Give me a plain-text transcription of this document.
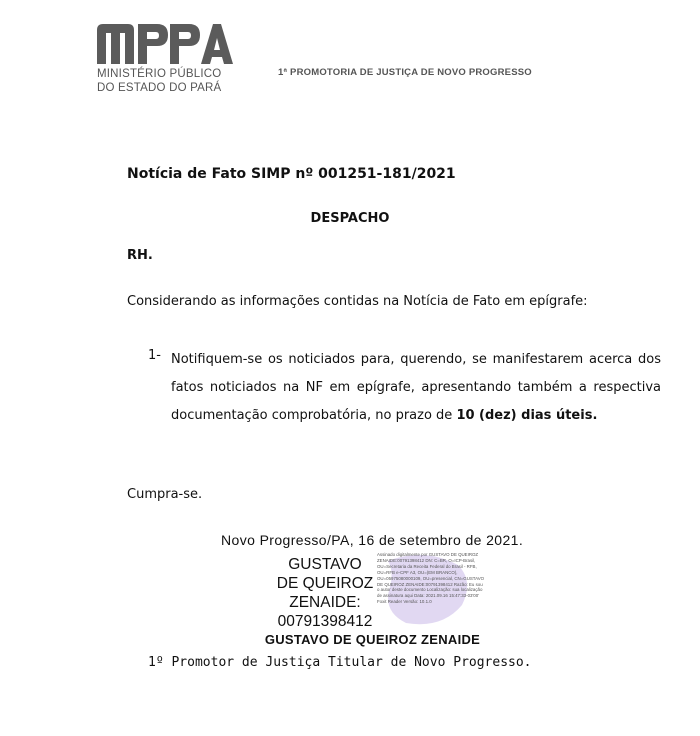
MINISTÉRIO PÚBLICO
DO ESTADO DO PARÁ
1ª PROMOTORIA DE JUSTIÇA DE NOVO PROGRESSO
Notícia de Fato SIMP nº 001251-181/2021
DESPACHO
RH.
Considerando as informações contidas na Notícia de Fato em epígrafe:
1- Notifiquem-se os noticiados para, querendo, se manifestarem acerca dos fatos noticiados na NF em epígrafe, apresentando também a respectiva documentação comprobatória, no prazo de 10 (dez) dias úteis.
Cumpra-se.
Novo Progresso/PA, 16 de setembro de 2021.
Assinado digitalmente por GUSTAVO DE QUEIROZ ZENAIDE:00791398412 DN: C=BR, O=ICP-Brasil, OU=Secretaria da Receita Federal do Brasil - RFB, OU=RFB e-CPF A3, OU=(EM BRANCO), OU=05975080000109, OU=presencial, CN=GUSTAVO DE QUEIROZ ZENAIDE:00791398412 Razão: Eu sou o autor deste documento Localização: sua localização de assinatura aqui Data: 2021.09.16 15:47:33-03'00' Foxit Reader Versão: 10.1.0
GUSTAVO
DE QUEIROZ
ZENAIDE:
00791398412
GUSTAVO DE QUEIROZ ZENAIDE
1º Promotor de Justiça Titular de Novo Progresso.
